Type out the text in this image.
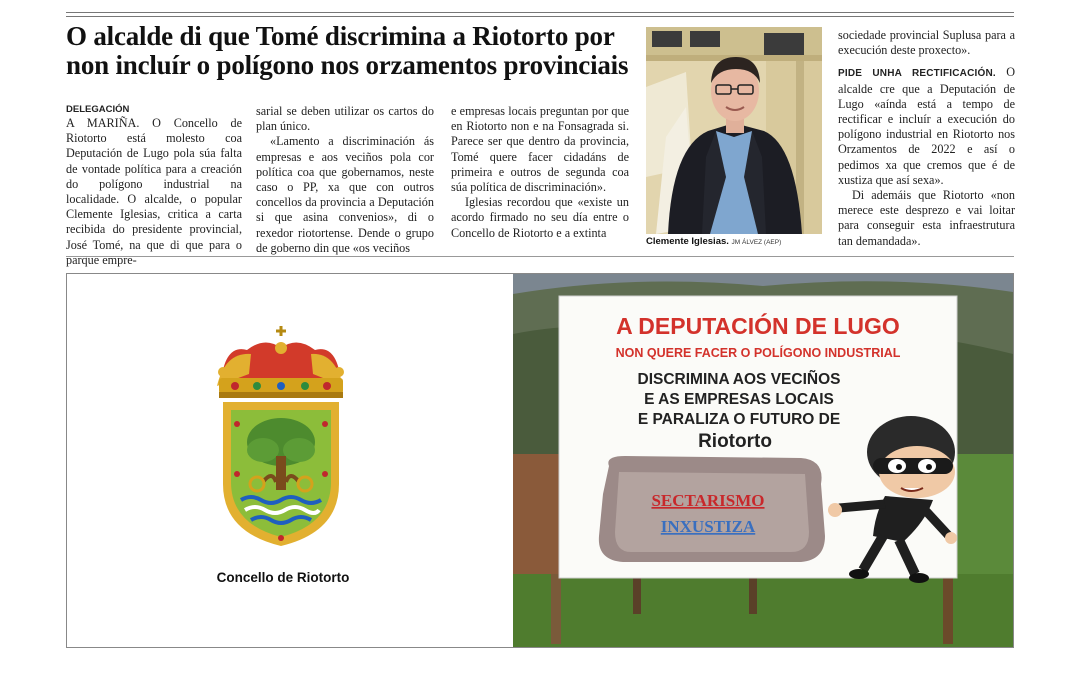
O alcalde di que Tomé discrimina a Riotorto por non incluír o polígono nos orzamentos provinciais
DELEGACIÓN

A MARIÑA. O Concello de Riotorto está molesto coa Deputación de Lugo pola súa falta de vontade política para a creación do polígono industrial na localidade. O alcalde, o popular Clemente Iglesias, critica a carta recibida do presidente provincial, José Tomé, na que di que para o parque empre-

sarial se deben utilizar os cartos do plan único.

«Lamento a discriminación ás empresas e aos veciños pola cor política coa que gobernamos, neste caso o PP, xa que con outros concellos da provincia a Deputación si que asina convenios», di o rexedor riotortense. Dende o grupo de goberno din que «os veciños

e empresas locais preguntan por que en Riotorto non e na Fonsagrada si. Parece ser que dentro da provincia, Tomé quere facer cidadáns de primeira e outros de segunda coa súa política de discriminación».

Iglesias recordou que «existe un acordo firmado no seu día entre o Concello de Riotorto e a extinta

Clemente Iglesias. JM ÁLVEZ (AEP)

sociedade provincial Suplusa para a execución deste proxecto».

PIDE UNHA RECTIFICACIÓN. O alcalde cre que a Deputación de Lugo «aínda está a tempo de rectificar e incluír a execución do polígono industrial en Riotorto nos Orzamentos de 2022 e así o pedimos xa que cremos que é de xustiza que así sexa».

Di ademáis que Riotorto «non merece este desprezo e vai loitar para conseguir esta infraestrutura tan demandada».

Concello de Riotorto
A DEPUTACIÓN DE LUGO
NON QUERE FACER O POLÍGONO INDUSTRIAL
DISCRIMINA AOS VECIÑOS
E AS EMPRESAS LOCAIS
E PARALIZA O FUTURO DE
Riotorto
SECTARISMO
INXUSTIZA
